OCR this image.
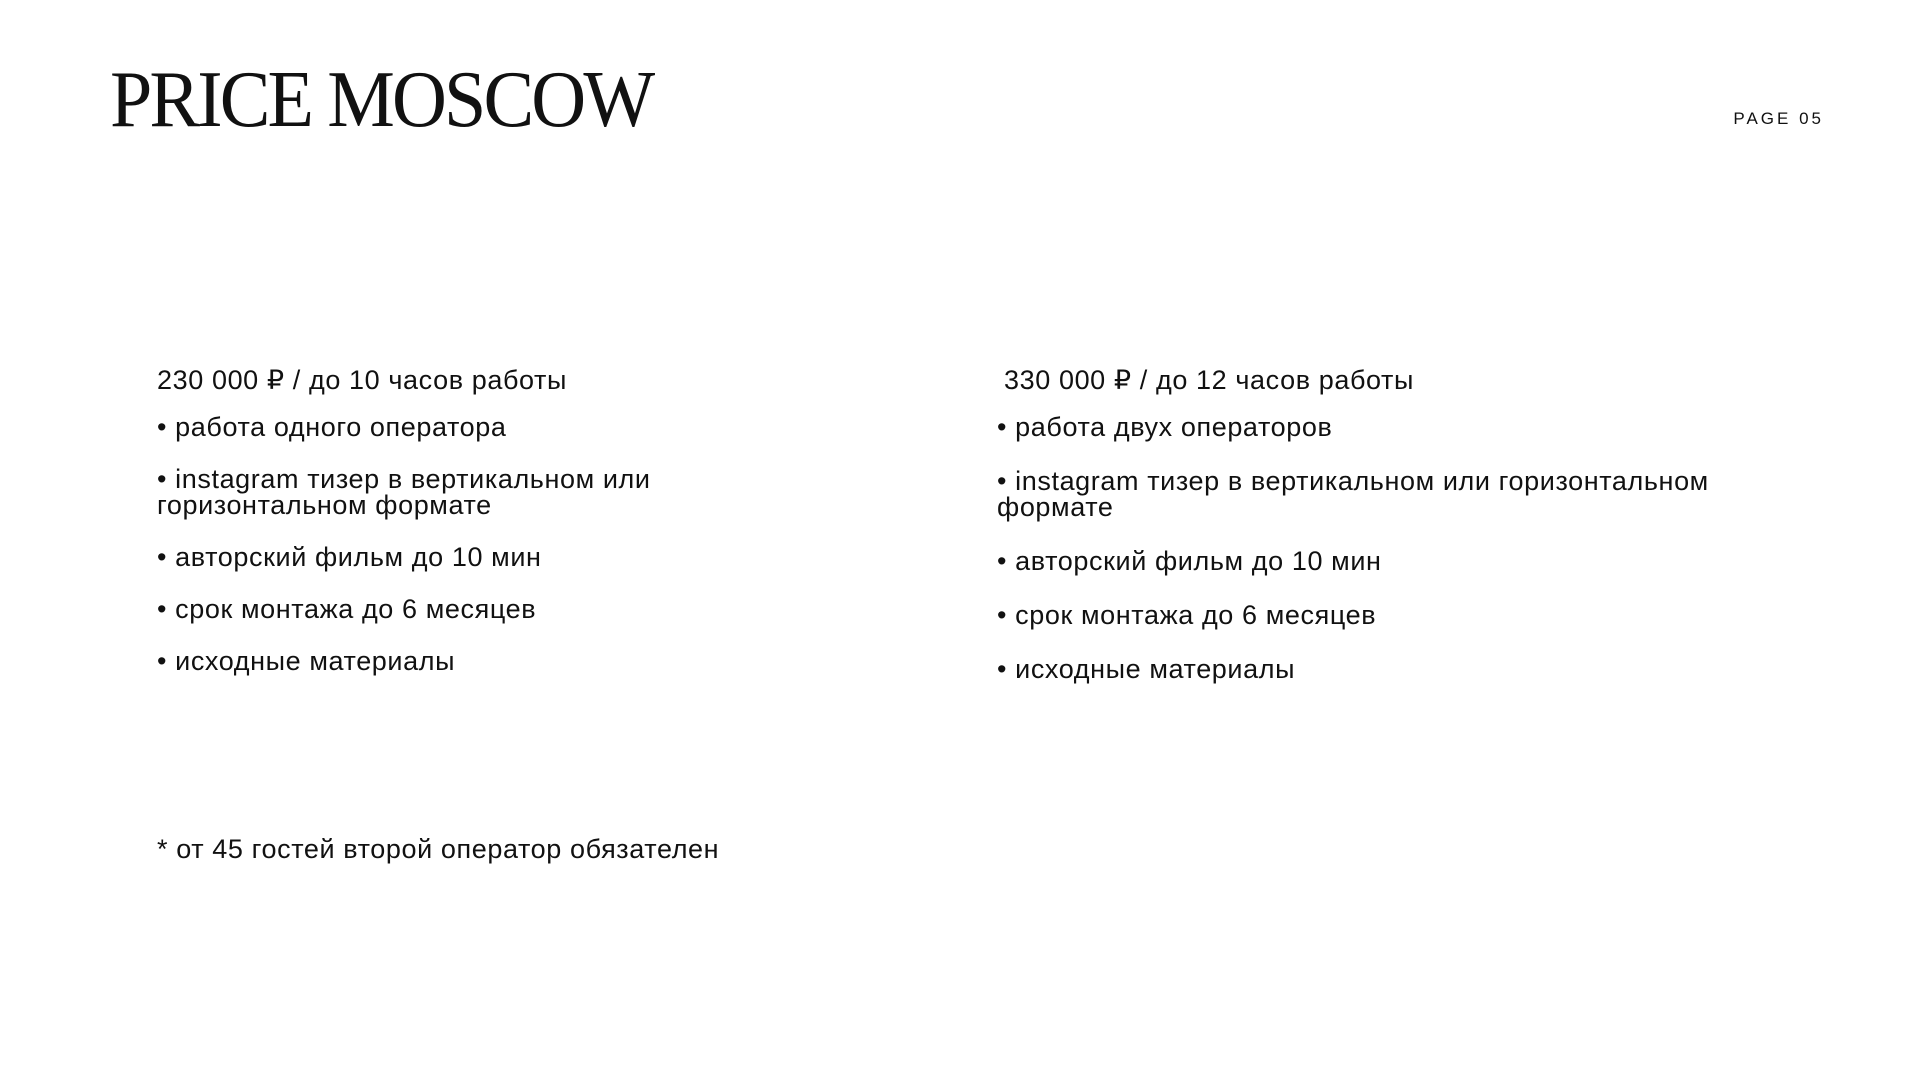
PRICE MOSCOW	PAGE 05
230 000 ₽ / до 10 часов работы
• работа одного оператора
• instagram тизер в вертикальном или горизонтальном формате
• авторский фильм до 10 мин
• срок монтажа до 6 месяцев
• исходные материалы
330 000 ₽ / до 12 часов работы
• работа двух операторов
• instagram тизер в вертикальном или горизонтальном формате
• авторский фильм до 10 мин
• срок монтажа до 6 месяцев
• исходные материалы
* от 45 гостей второй оператор обязателен
